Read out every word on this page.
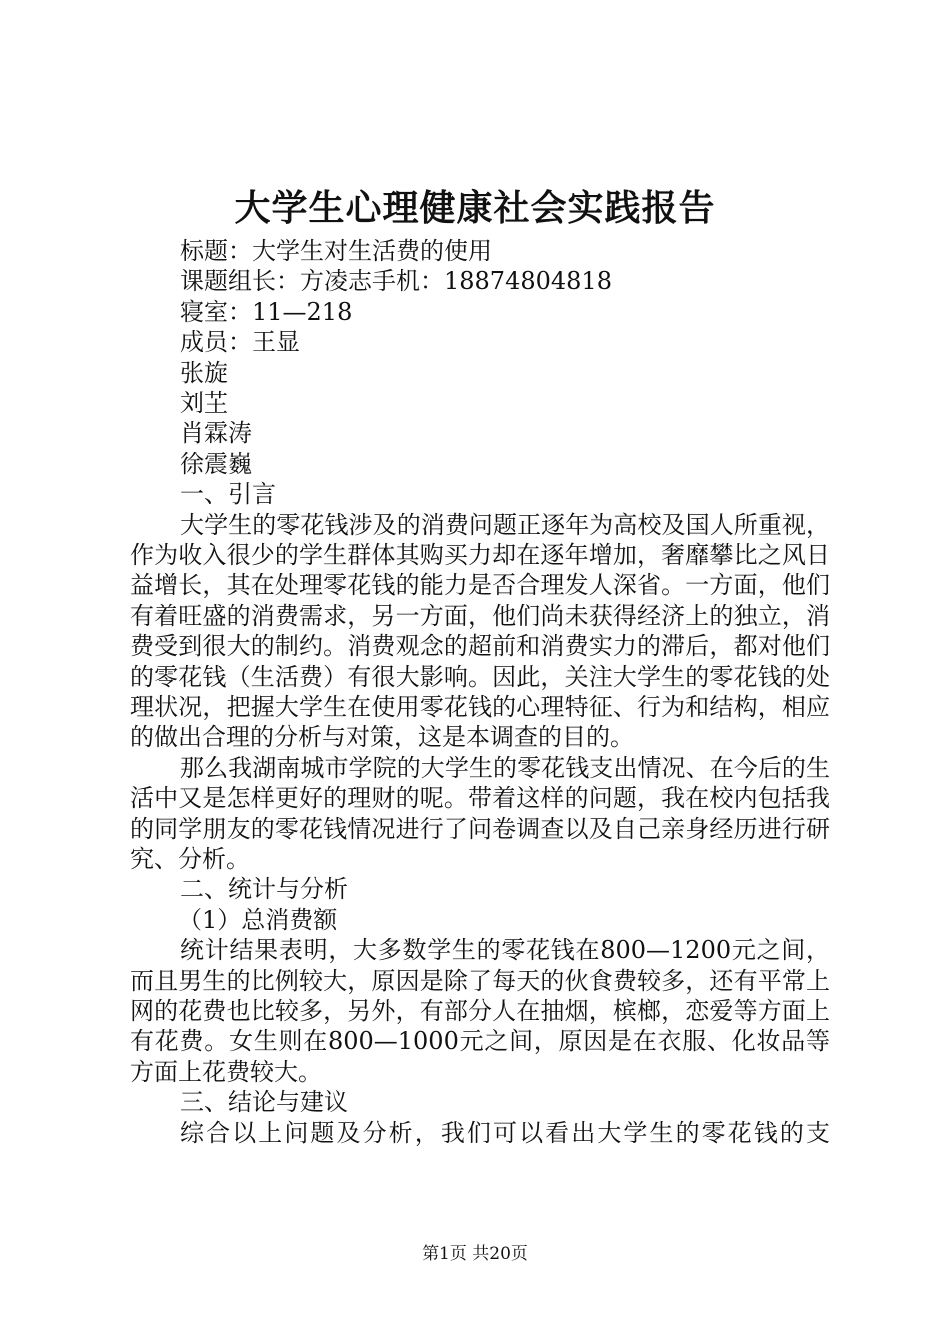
大学生心理健康社会实践报告
标题：大学生对生活费的使用
课题组长：方凌志手机：18874804818
寝室：11—218
成员：王显
张旋
刘芏
肖霖涛
徐震巍
一、引言
大学生的零花钱涉及的消费问题正逐年为高校及国人所重视，作为收入很少的学生群体其购买力却在逐年增加，奢靡攀比之风日益增长，其在处理零花钱的能力是否合理发人深省。一方面，他们有着旺盛的消费需求，另一方面，他们尚未获得经济上的独立，消费受到很大的制约。消费观念的超前和消费实力的滞后，都对他们的零花钱（生活费）有很大影响。因此，关注大学生的零花钱的处理状况，把握大学生在使用零花钱的心理特征、行为和结构，相应的做出合理的分析与对策，这是本调查的目的。
那么我湖南城市学院的大学生的零花钱支出情况、在今后的生活中又是怎样更好的理财的呢。带着这样的问题，我在校内包括我的同学朋友的零花钱情况进行了问卷调查以及自己亲身经历进行研究、分析。
二、统计与分析
（1）总消费额
统计结果表明，大多数学生的零花钱在800—1200元之间，而且男生的比例较大，原因是除了每天的伙食费较多，还有平常上网的花费也比较多，另外，有部分人在抽烟，槟榔，恋爱等方面上有花费。女生则在800—1000元之间，原因是在衣服、化妆品等方面上花费较大。
三、结论与建议
综合以上问题及分析，我们可以看出大学生的零花钱的支
第1页 共20页
